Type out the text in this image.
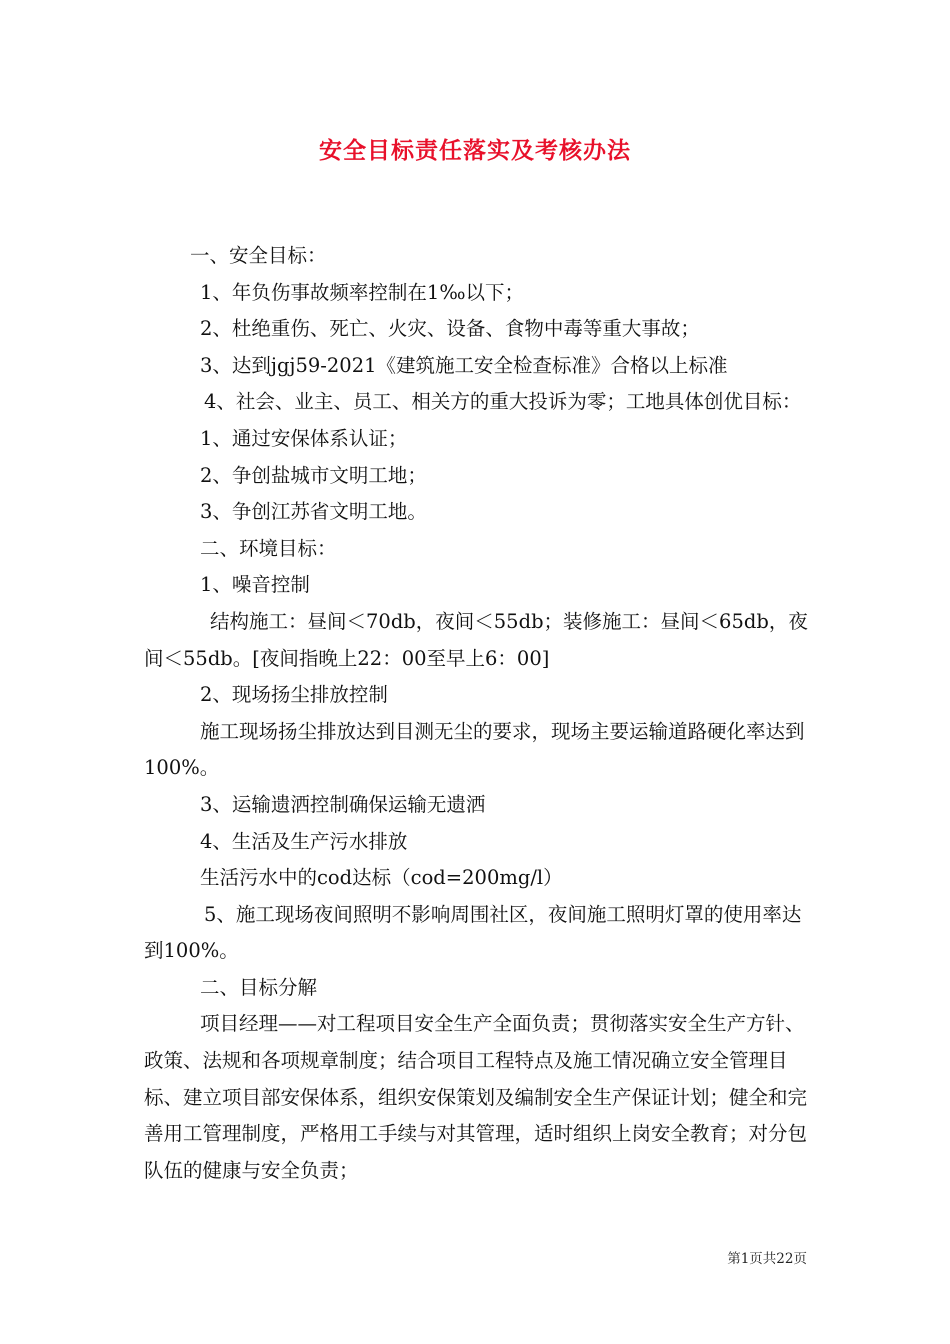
安全目标责任落实及考核办法

一、安全目标：

1、年负伤事故频率控制在1‰以下；

2、杜绝重伤、死亡、火灾、设备、食物中毒等重大事故；

3、达到jgj59-2021《建筑施工安全检查标准》合格以上标准

4、社会、业主、员工、相关方的重大投诉为零；工地具体创优目标：

1、通过安保体系认证；

2、争创盐城市文明工地；

3、争创江苏省文明工地。

二、环境目标：

1、噪音控制

结构施工：昼间＜70db，夜间＜55db；装修施工：昼间＜65db，夜间＜55db。[夜间指晚上22：00至早上6：00]

2、现场扬尘排放控制

施工现场扬尘排放达到目测无尘的要求，现场主要运输道路硬化率达到100%。

3、运输遗洒控制确保运输无遗洒

4、生活及生产污水排放

生活污水中的cod达标（cod=200mg/l）

5、施工现场夜间照明不影响周围社区，夜间施工照明灯罩的使用率达到100%。

二、目标分解

项目经理——对工程项目安全生产全面负责；贯彻落实安全生产方针、政策、法规和各项规章制度；结合项目工程特点及施工情况确立安全管理目标、建立项目部安保体系，组织安保策划及编制安全生产保证计划；健全和完善用工管理制度，严格用工手续与对其管理，适时组织上岗安全教育；对分包队伍的健康与安全负责；

第1页共22页
